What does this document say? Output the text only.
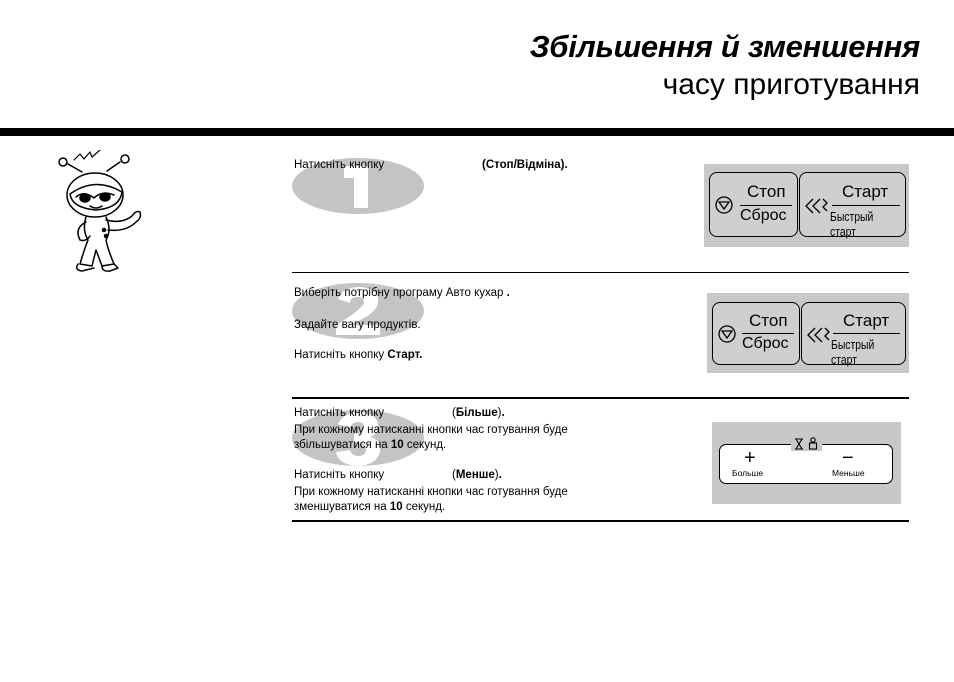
Збільшення й зменшення
часу приготування
Натисніть кнопку	(Стоп/Відміна).
Стоп
Сброс
Старт
Быстрый старт
Виберіть потрібну програму Авто кухар .
Задайте вагу продуктів.
Натисніть кнопку Старт.
Стоп
Сброс
Старт
Быстрый старт
Натисніть кнопку	(Більше).
При кожному натисканні кнопки час готування буде
збільшуватися на 10 секунд.
Натисніть кнопку	(Менше).
При кожному натисканні кнопки час готування буде
зменшуватися на 10 секунд.
+
Больше
−
Меньше
